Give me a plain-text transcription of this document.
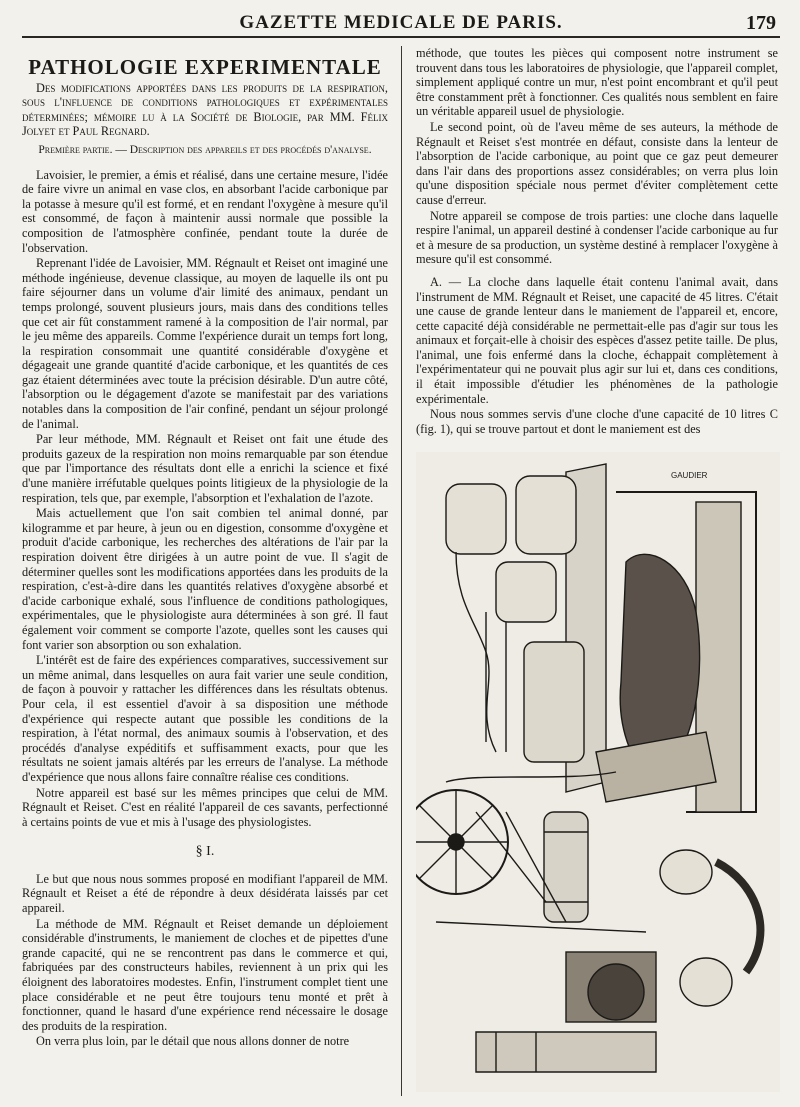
GAZETTE MEDICALE DE PARIS.	179
PATHOLOGIE EXPERIMENTALE

Des modifications apportées dans les produits de la respiration, sous l'influence de conditions pathologiques et expérimentales déterminées; mémoire lu à la Société de Biologie, par MM. Félix Jolyet et Paul Regnard.

Première partie. — Description des appareils et des procédés d'analyse.

Lavoisier, le premier, a émis et réalisé, dans une certaine mesure, l'idée de faire vivre un animal en vase clos, en absorbant l'acide carbonique par la potasse à mesure qu'il est formé, et en rendant l'oxygène à mesure qu'il est consommé, de façon à maintenir aussi normale que possible la composition de l'atmosphère confinée, pendant toute la durée de l'observation.

Reprenant l'idée de Lavoisier, MM. Régnault et Reiset ont imaginé une méthode ingénieuse, devenue classique, au moyen de laquelle ils ont pu faire séjourner dans un volume d'air limité des animaux, pendant un temps prolongé, souvent plusieurs jours, mais dans des conditions telles que cet air fût constamment ramené à la composition de l'air normal, par le jeu même des appareils. Comme l'expérience durait un temps fort long, la respiration consommait une quantité considérable d'oxygène et dégageait une grande quantité d'acide carbonique, et les quantités de ces gaz étaient déterminées avec toute la précision désirable. D'un autre côté, l'absorption ou le dégagement d'azote se manifestait par des variations notables dans la composition de l'air confiné, pendant un séjour prolongé de l'animal.

Par leur méthode, MM. Régnault et Reiset ont fait une étude des produits gazeux de la respiration non moins remarquable par son étendue que par l'importance des résultats dont elle a enrichi la science et fixé d'une manière irréfutable quelques points litigieux de la physiologie de la respiration, tels que, par exemple, l'absorption et l'exhalation de l'azote.

Mais actuellement que l'on sait combien tel animal donné, par kilogramme et par heure, à jeun ou en digestion, consomme d'oxygène et produit d'acide carbonique, les recherches des altérations de l'air par la respiration doivent être dirigées à un autre point de vue. Il s'agit de déterminer quelles sont les modifications apportées dans les produits de la respiration, c'est-à-dire dans les quantités relatives d'oxygène absorbé et d'acide carbonique exhalé, sous l'influence de conditions pathologiques, expérimentales, que le physiologiste aura déterminées à son gré. Il faut également voir comment se comporte l'azote, quelles sont les causes qui font varier son absorption ou son exhalation.

L'intérêt est de faire des expériences comparatives, successivement sur un même animal, dans lesquelles on aura fait varier une seule condition, de façon à pouvoir y rattacher les différences dans les résultats obtenus. Pour cela, il est essentiel d'avoir à sa disposition une méthode d'expérience qui respecte autant que possible les conditions de la respiration, à l'état normal, des animaux soumis à l'observation, et des procédés d'analyse expéditifs et suffisamment exacts, pour que les résultats ne soient jamais altérés par les erreurs de l'analyse. La méthode d'expérience que nous allons faire connaître réalise ces conditions.

Notre appareil est basé sur les mêmes principes que celui de MM. Régnault et Reiset. C'est en réalité l'appareil de ces savants, perfectionné à certains points de vue et mis à l'usage des physiologistes.

§ I.

Le but que nous nous sommes proposé en modifiant l'appareil de MM. Régnault et Reiset a été de répondre à deux désidérata laissés par cet appareil.

La méthode de MM. Régnault et Reiset demande un déploiement considérable d'instruments, le maniement de cloches et de pipettes d'une grande capacité, qui ne se rencontrent pas dans le commerce et qui, fabriquées par des constructeurs habiles, reviennent à un prix qui les éloignent des laboratoires modestes. Enfin, l'instrument complet tient une place considérable et ne peut être toujours tenu monté et prêt à fonctionner, quand le hasard d'une expérience rend nécessaire le dosage des produits de la respiration.

On verra plus loin, par le détail que nous allons donner de notre

méthode, que toutes les pièces qui composent notre instrument se trouvent dans tous les laboratoires de physiologie, que l'appareil complet, simplement appliqué contre un mur, n'est point encombrant et qu'il peut être constamment prêt à fonctionner. Ces qualités nous semblent en faire un véritable appareil usuel de physiologie.

Le second point, où de l'aveu même de ses auteurs, la méthode de Régnault et Reiset s'est montrée en défaut, consiste dans la lenteur de l'absorption de l'acide carbonique, au point que ce gaz peut demeurer dans l'air dans des proportions assez considérables; on verra plus loin qu'une disposition spéciale nous permet d'éviter complètement cette cause d'erreur.

Notre appareil se compose de trois parties: une cloche dans laquelle respire l'animal, un appareil destiné à condenser l'acide carbonique au fur et à mesure de sa production, un système destiné à remplacer l'oxygène à mesure qu'il est consommé.

A. — La cloche dans laquelle était contenu l'animal avait, dans l'instrument de MM. Régnault et Reiset, une capacité de 45 litres. C'était une cause de grande lenteur dans le maniement de l'appareil et, encore, cette capacité déjà considérable ne permettait-elle pas d'agir sur tous les animaux et forçait-elle à choisir des espèces d'assez petite taille. De plus, l'animal, une fois enfermé dans la cloche, échappait complètement à l'expérimentateur qui ne pouvait plus agir sur lui et, dans ces conditions, il était impossible d'étudier les phénomènes de la pathologie expérimentale.

Nous nous sommes servis d'une cloche d'une capacité de 10 litres C (fig. 1), qui se trouve partout et dont le maniement est des

GAUDIER
